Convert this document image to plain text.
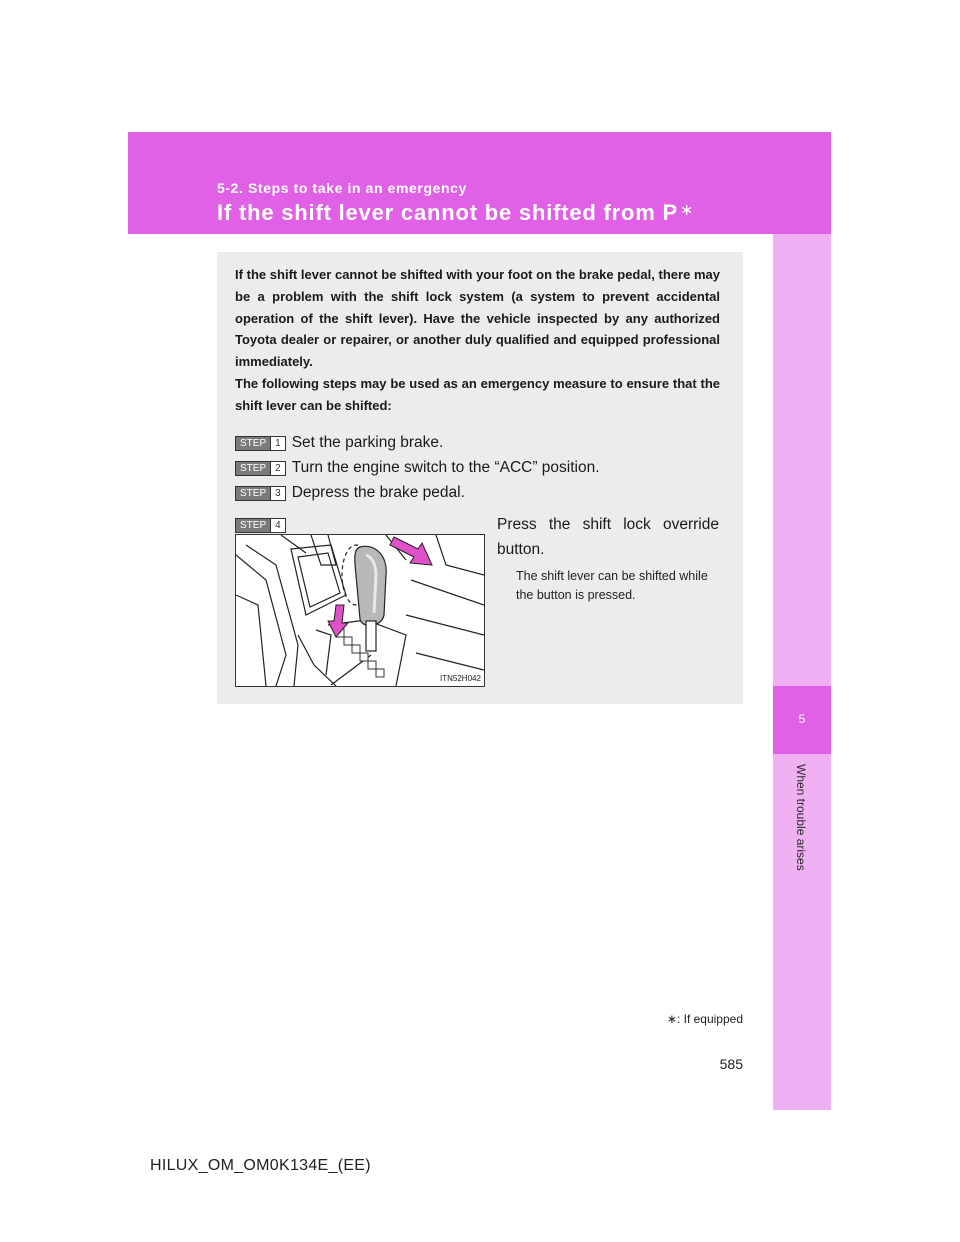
5-2. Steps to take in an emergency
If the shift lever cannot be shifted from P ∗
5
When trouble arises

If the shift lever cannot be shifted with your foot on the brake pedal, there may be a problem with the shift lock system (a system to prevent accidental operation of the shift lever). Have the vehicle inspected by any authorized Toyota dealer or repairer, or another duly qualified and equipped professional immediately.

The following steps may be used as an emergency measure to ensure that the shift lever can be shifted:

STEP 1 Set the parking brake.
STEP 2 Turn the engine switch to the “ACC” position.
STEP 3 Depress the brake pedal.
STEP 4	Press the shift lock override button.
The shift lever can be shifted while the button is pressed.
ITN52H042
∗: If equipped
585
HILUX_OM_OM0K134E_(EE)
